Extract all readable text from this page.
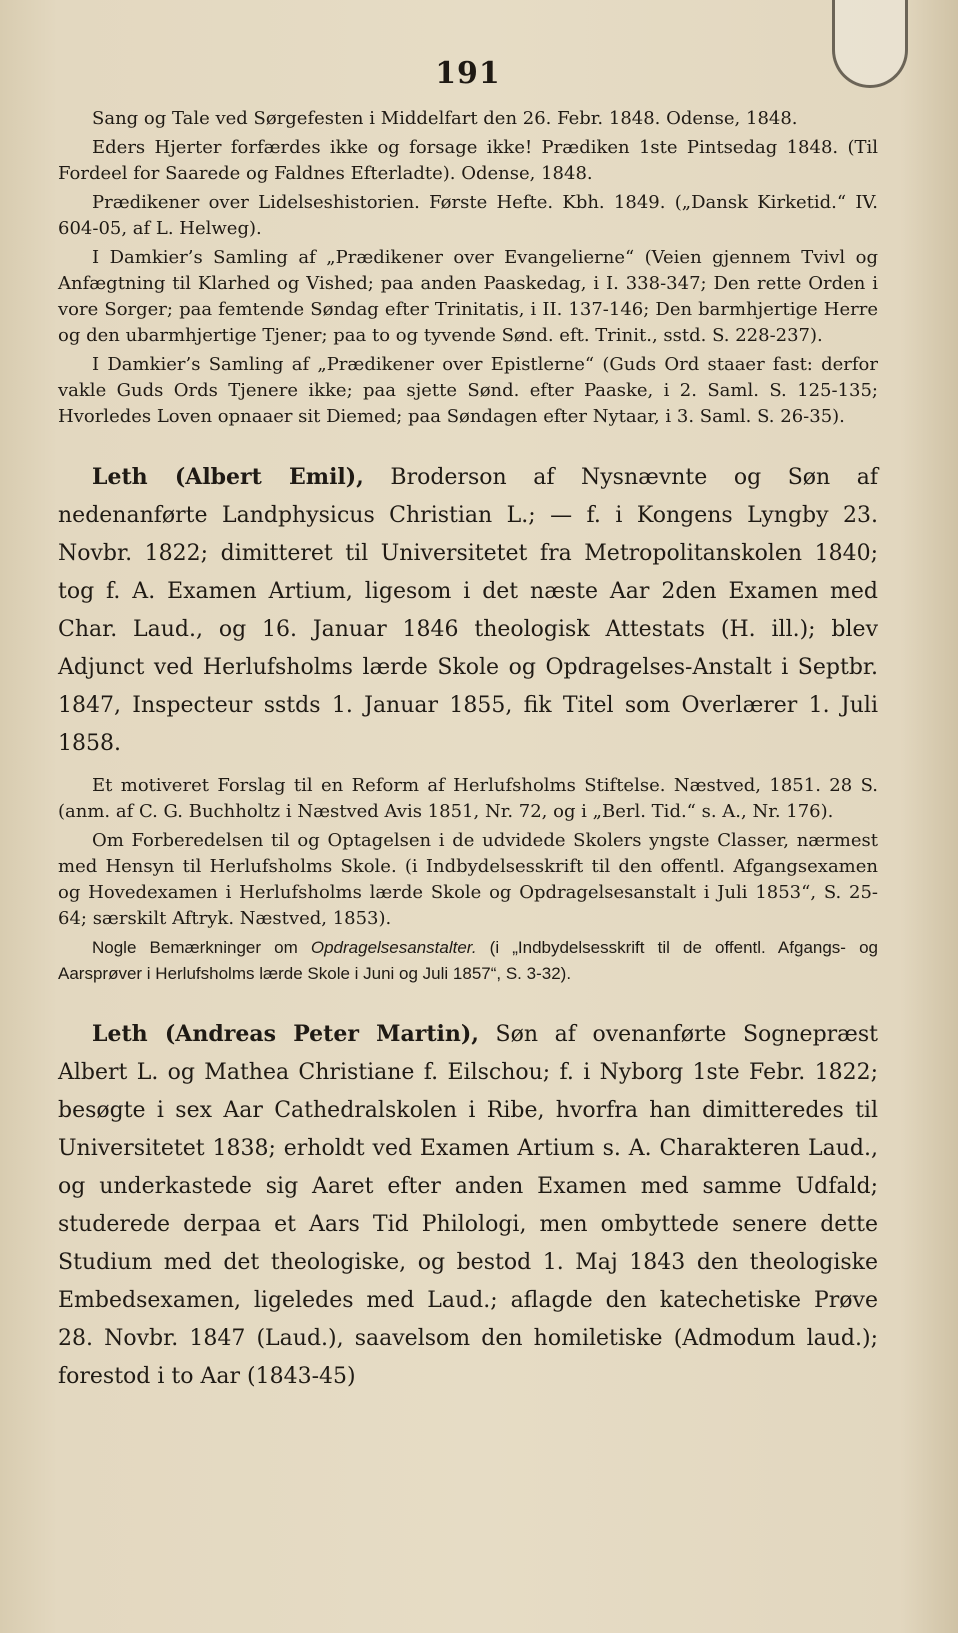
191

Sang og Tale ved Sørgefesten i Middelfart den 26. Febr. 1848. Odense, 1848.

Eders Hjerter forfærdes ikke og forsage ikke! Prædiken 1ste Pintsedag 1848. (Til Fordeel for Saarede og Faldnes Efterladte). Odense, 1848.

Prædikener over Lidelseshistorien. Første Hefte. Kbh. 1849. („Dansk Kirketid.“ IV. 604-05, af L. Helweg).

I Damkier’s Samling af „Prædikener over Evangelierne“ (Veien gjennem Tvivl og Anfægtning til Klarhed og Vished; paa anden Paaskedag, i I. 338-347; Den rette Orden i vore Sorger; paa femtende Søndag efter Trinitatis, i II. 137-146; Den barmhjertige Herre og den ubarmhjertige Tjener; paa to og tyvende Sønd. eft. Trinit., sstd. S. 228-237).

I Damkier’s Samling af „Prædikener over Epistlerne“ (Guds Ord staaer fast: derfor vakle Guds Ords Tjenere ikke; paa sjette Sønd. efter Paaske, i 2. Saml. S. 125-135; Hvorledes Loven opnaaer sit Diemed; paa Søndagen efter Nytaar, i 3. Saml. S. 26-35).

Leth (Albert Emil), Broderson af Nysnævnte og Søn af nedenanførte Landphysicus Christian L.; — f. i Kongens Lyngby 23. Novbr. 1822; dimitteret til Universitetet fra Metropolitanskolen 1840; tog f. A. Examen Artium, ligesom i det næste Aar 2den Examen med Char. Laud., og 16. Januar 1846 theologisk Attestats (H. ill.); blev Adjunct ved Herlufsholms lærde Skole og Opdragelses-Anstalt i Septbr. 1847, Inspecteur sstds 1. Januar 1855, fik Titel som Overlærer 1. Juli 1858.

Et motiveret Forslag til en Reform af Herlufsholms Stiftelse. Næstved, 1851. 28 S. (anm. af C. G. Buchholtz i Næstved Avis 1851, Nr. 72, og i „Berl. Tid.“ s. A., Nr. 176).

Om Forberedelsen til og Optagelsen i de udvidede Skolers yngste Classer, nærmest med Hensyn til Herlufsholms Skole. (i Indbydelsesskrift til den offentl. Afgangsexamen og Hovedexamen i Herlufsholms lærde Skole og Opdragelsesanstalt i Juli 1853“, S. 25-64; særskilt Aftryk. Næstved, 1853).

Nogle Bemærkninger om Opdragelsesanstalter. (i „Indbydelsesskrift til de offentl. Afgangs- og Aarsprøver i Herlufsholms lærde Skole i Juni og Juli 1857“, S. 3-32).

Leth (Andreas Peter Martin), Søn af ovenanførte Sognepræst Albert L. og Mathea Christiane f. Eilschou; f. i Nyborg 1ste Febr. 1822; besøgte i sex Aar Cathedralskolen i Ribe, hvorfra han dimitteredes til Universitetet 1838; erholdt ved Examen Artium s. A. Charakteren Laud., og underkastede sig Aaret efter anden Examen med samme Udfald; studerede derpaa et Aars Tid Philologi, men ombyttede senere dette Studium med det theologiske, og bestod 1. Maj 1843 den theologiske Embedsexamen, ligeledes med Laud.; aflagde den katechetiske Prøve 28. Novbr. 1847 (Laud.), saavelsom den homiletiske (Admodum laud.); forestod i to Aar (1843-45)
